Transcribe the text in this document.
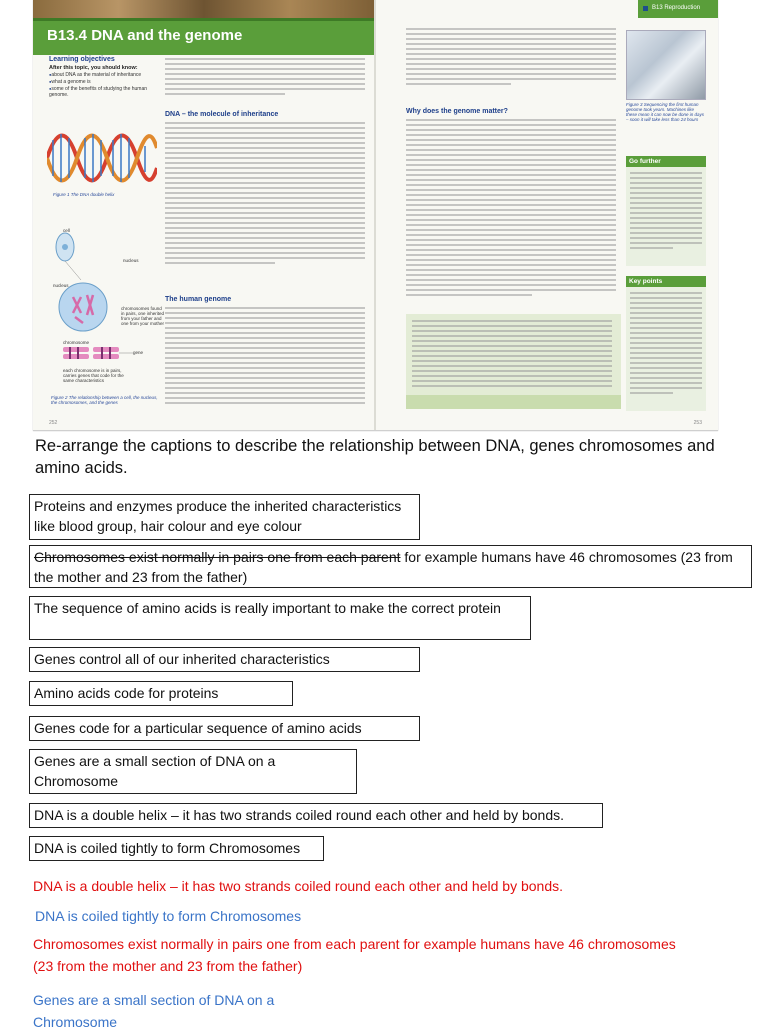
B13.4 DNA and the genome
Learning objectives
After this topic, you should know:
● about DNA as the material of inheritance
● what a genome is
● some of the benefits of studying the human genome.
DNA – the molecule of inheritance
The human genome
Figure 1 The DNA double helix
cell
nucleus
nucleus
chromosomes found in pairs, one inherited from your father and one from your mother
chromosome
gene
each chromosome is in pairs, carries genes that code for the same characteristics
Figure 2 The relationship between a cell, the nucleus, the chromosomes, and the genes
252
B13 Reproduction
Why does the genome matter?
Figure 3 Sequencing the first human genome took years. Machines like these mean it can now be done in days – soon it will take less than 24 hours
Go further
Key points
253
Re-arrange the captions to describe the relationship between DNA, genes chromosomes and amino acids.
Proteins and enzymes produce the inherited characteristics like blood group, hair colour and eye colour
Chromosomes exist normally in pairs one from each parent for example humans have 46 chromosomes (23 from the mother and 23 from the father)
The sequence of amino acids is really important to make the correct protein
Genes control all of our inherited characteristics
Amino acids code for proteins
Genes code for a particular sequence of amino acids
Genes are a small section of DNA on a Chromosome
DNA is a double helix – it has two strands coiled round each other and held by bonds.
DNA is coiled tightly to form Chromosomes
DNA is a double helix – it has two strands coiled round each other and held by bonds.
DNA is coiled tightly to form Chromosomes
Chromosomes exist normally in pairs one from each parent for example humans have 46 chromosomes (23 from the mother and 23 from the father)
Genes are a small section of DNA on a Chromosome
